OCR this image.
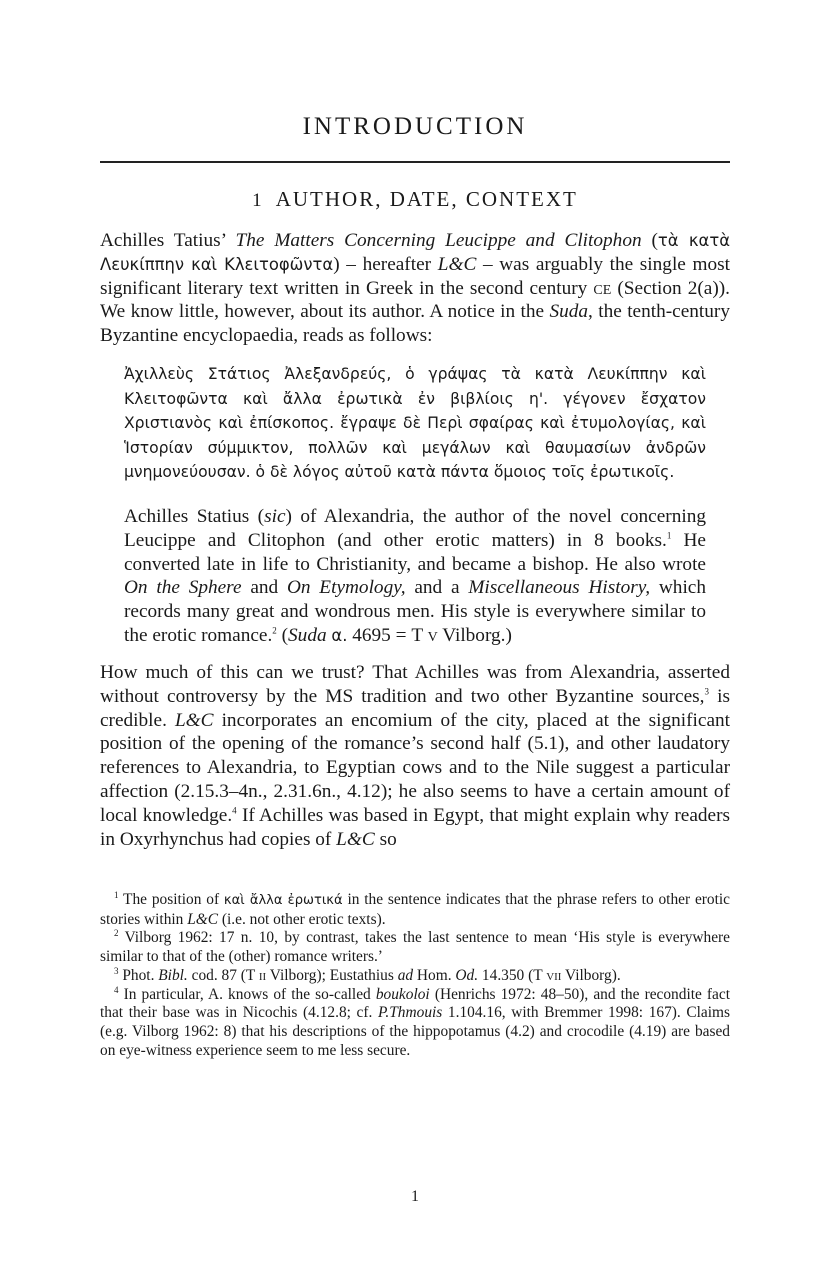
INTRODUCTION
1 AUTHOR, DATE, CONTEXT
Achilles Tatius’ The Matters Concerning Leucippe and Clitophon (τὰ κατὰ Λευκίππην καὶ Κλειτοφῶντα) – hereafter L&C – was arguably the single most significant literary text written in Greek in the second century ce (Section 2(a)). We know little, however, about its author. A notice in the Suda, the tenth-century Byzantine encyclopaedia, reads as follows:
Ἀχιλλεὺς Στάτιος Ἀλεξανδρεύς, ὁ γράψας τὰ κατὰ Λευκίππην καὶ Κλειτοφῶντα καὶ ἄλλα ἐρωτικὰ ἐν βιβλίοις η'. γέγονεν ἔσχατον Χριστιανὸς καὶ ἐπίσκοπος. ἔγραψε δὲ Περὶ σφαίρας καὶ ἐτυμολογίας, καὶ Ἱστορίαν σύμμικτον, πολλῶν καὶ μεγάλων καὶ θαυμασίων ἀνδρῶν μνημονεύουσαν. ὁ δὲ λόγος αὐτοῦ κατὰ πάντα ὅμοιος τοῖς ἐρωτικοῖς.
Achilles Statius (sic) of Alexandria, the author of the novel concerning Leucippe and Clitophon (and other erotic matters) in 8 books.$^1$ He converted late in life to Christianity, and became a bishop. He also wrote On the Sphere and On Etymology, and a Miscellaneous History, which records many great and wondrous men. His style is everywhere similar to the erotic romance.$^2$ (Suda α. 4695 = T v Vilborg.)
How much of this can we trust? That Achilles was from Alexandria, asserted without controversy by the MS tradition and two other Byzantine sources,$^3$ is credible. L&C incorporates an encomium of the city, placed at the significant position of the opening of the romance’s second half (5.1), and other laudatory references to Alexandria, to Egyptian cows and to the Nile suggest a particular affection (2.15.3–4n., 2.31.6n., 4.12); he also seems to have a certain amount of local knowledge.$^4$ If Achilles was based in Egypt, that might explain why readers in Oxyrhynchus had copies of L&C so

$^1$ The position of καὶ ἄλλα ἐρωτικά in the sentence indicates that the phrase refers to other erotic stories within L&C (i.e. not other erotic texts).

$^2$ Vilborg 1962: 17 n. 10, by contrast, takes the last sentence to mean ‘His style is everywhere similar to that of the (other) romance writers.’

$^3$ Phot. Bibl. cod. 87 (T ii Vilborg); Eustathius ad Hom. Od. 14.350 (T vii Vilborg).

$^4$ In particular, A. knows of the so-called boukoloi (Henrichs 1972: 48–50), and the recondite fact that their base was in Nicochis (4.12.8; cf. P.Thmouis 1.104.16, with Bremmer 1998: 167). Claims (e.g. Vilborg 1962: 8) that his descriptions of the hippopotamus (4.2) and crocodile (4.19) are based on eye-witness experience seem to me less secure.

1
